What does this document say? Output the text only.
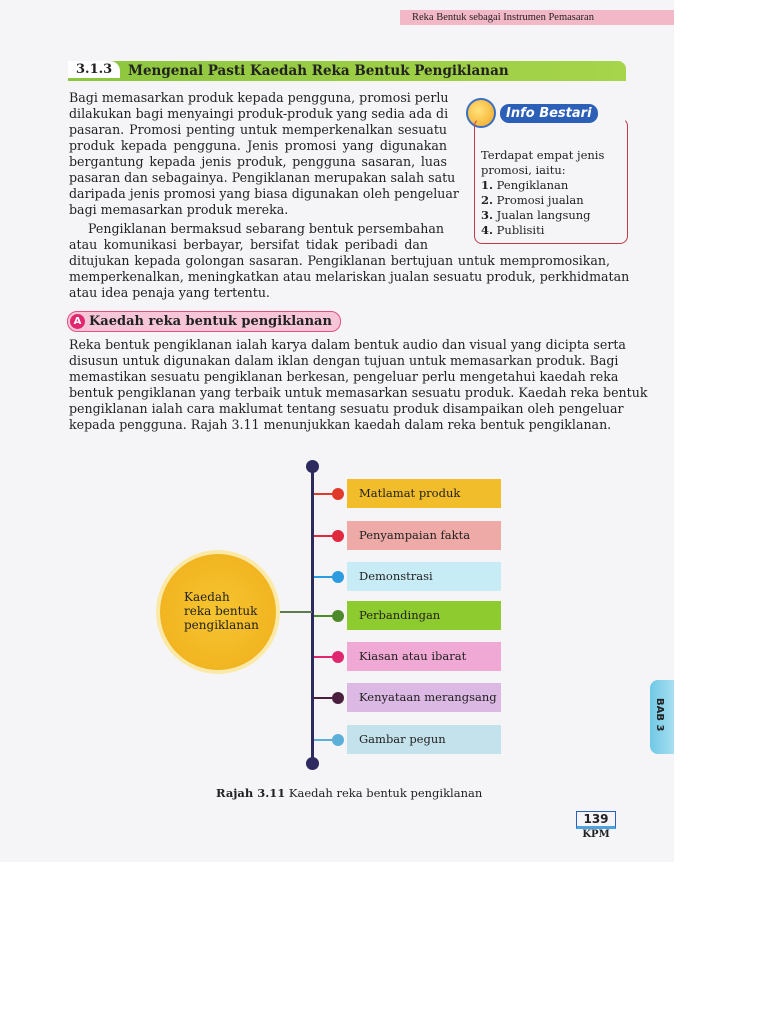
Reka Bentuk sebagai Instrumen Pemasaran
3.1.3	Mengenal Pasti Kaedah Reka Bentuk Pengiklanan
Bagi memasarkan produk kepada pengguna, promosi perlu
dilakukan bagi menyaingi produk-produk yang sedia ada di
pasaran. Promosi penting untuk memperkenalkan sesuatu
produk kepada pengguna. Jenis promosi yang digunakan
bergantung kepada jenis produk, pengguna sasaran, luas
pasaran dan sebagainya. Pengiklanan merupakan salah satu
daripada jenis promosi yang biasa digunakan oleh pengeluar
bagi memasarkan produk mereka.
Pengiklanan bermaksud sebarang bentuk persembahan
atau komunikasi berbayar, bersifat tidak peribadi dan
ditujukan kepada golongan sasaran. Pengiklanan bertujuan untuk mempromosikan,
memperkenalkan, meningkatkan atau melariskan jualan sesuatu produk, perkhidmatan
atau idea penaja yang tertentu.
Info Bestari
Terdapat empat jenis
promosi, iaitu:
1. Pengiklanan
2. Promosi jualan
3. Jualan langsung
4. Publisiti
A Kaedah reka bentuk pengiklanan
Reka bentuk pengiklanan ialah karya dalam bentuk audio dan visual yang dicipta serta
disusun untuk digunakan dalam iklan dengan tujuan untuk memasarkan produk. Bagi
memastikan sesuatu pengiklanan berkesan, pengeluar perlu mengetahui kaedah reka
bentuk pengiklanan yang terbaik untuk memasarkan sesuatu produk. Kaedah reka bentuk
pengiklanan ialah cara maklumat tentang sesuatu produk disampaikan oleh pengeluar
kepada pengguna. Rajah 3.11 menunjukkan kaedah dalam reka bentuk pengiklanan.
Kaedah
reka bentuk
pengiklanan
Matlamat produk
Penyampaian fakta
Demonstrasi
Perbandingan
Kiasan atau ibarat
Kenyataan merangsang
Gambar pegun
Rajah 3.11 Kaedah reka bentuk pengiklanan
BAB 3
139
KPM
